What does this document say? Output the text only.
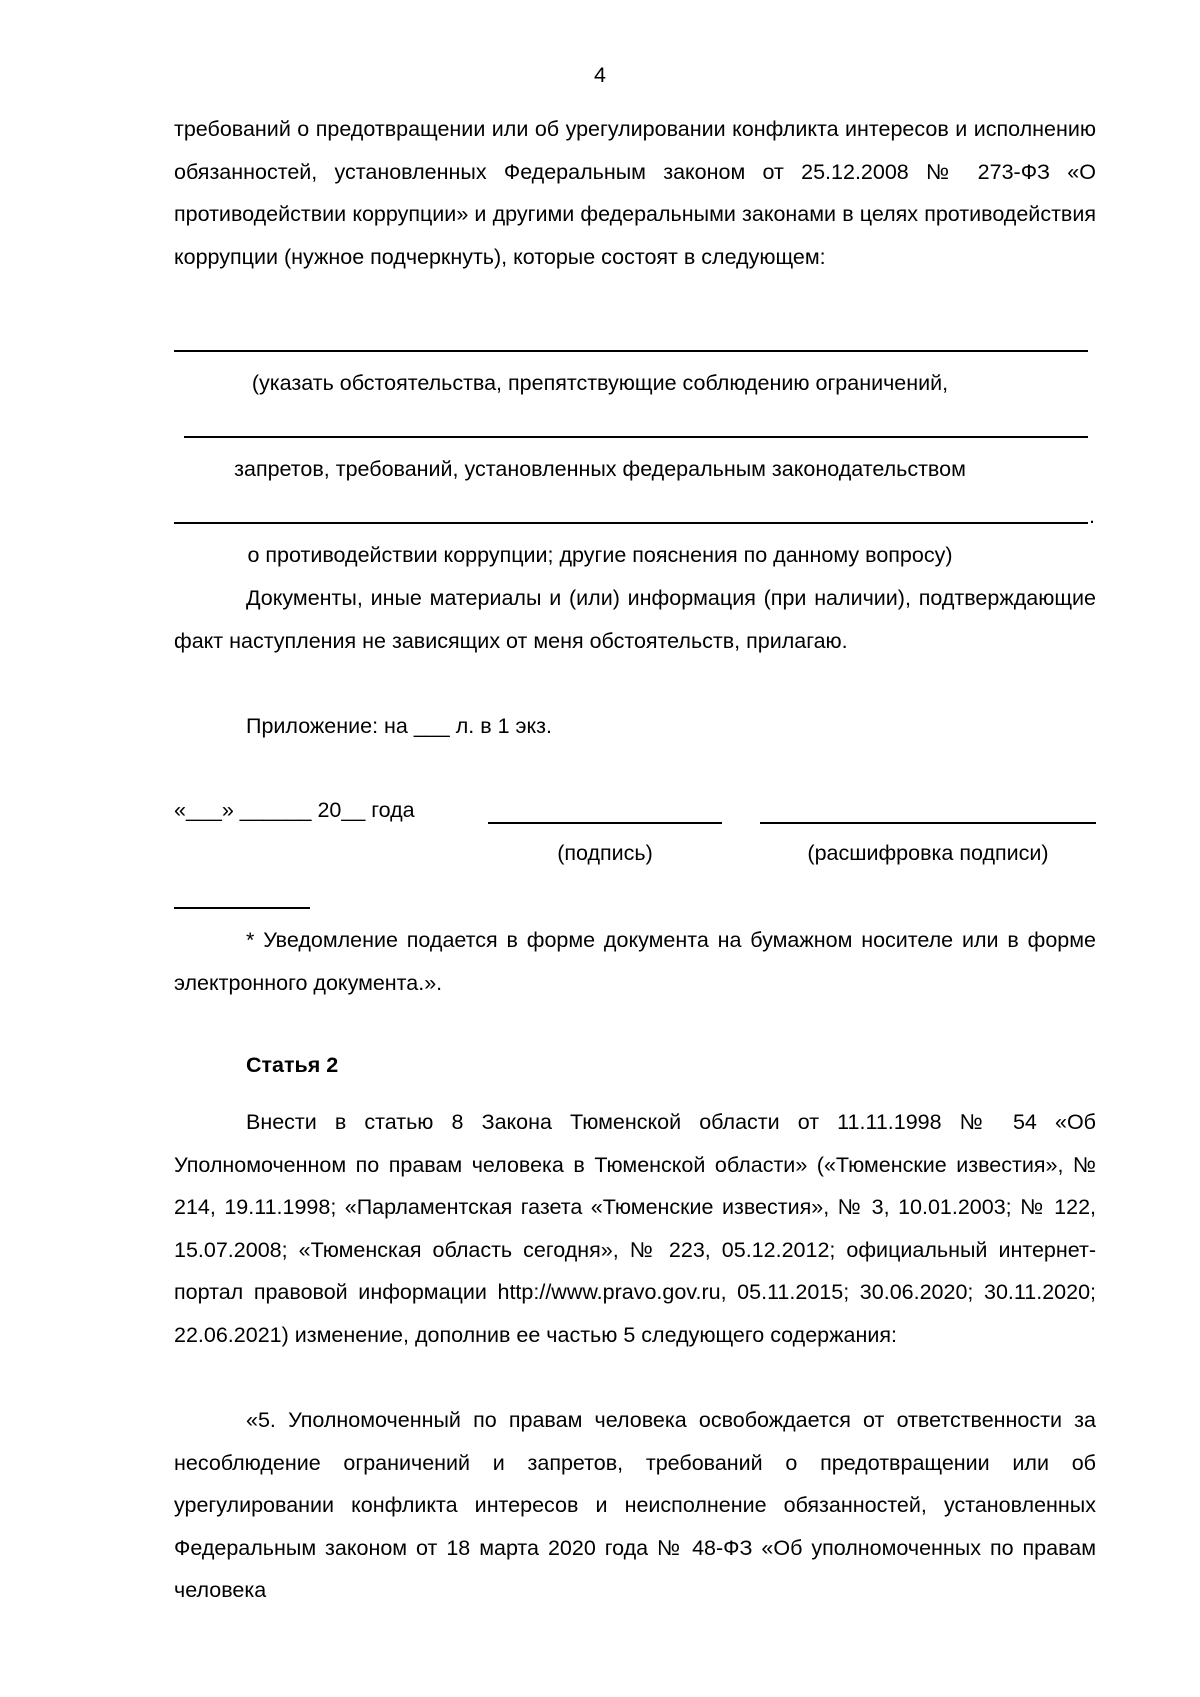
4
требований о предотвращении или об урегулировании конфликта интересов и исполнению обязанностей, установленных Федеральным законом от 25.12.2008 № 273-ФЗ «О противодействии коррупции» и другими федеральными законами в целях противодействия коррупции (нужное подчеркнуть), которые состоят в следующем:
(указать обстоятельства, препятствующие соблюдению ограничений,
запретов, требований, установленных федеральным законодательством
.
о противодействии коррупции; другие пояснения по данному вопросу)
Документы, иные материалы и (или) информация (при наличии), подтверждающие факт наступления не зависящих от меня обстоятельств, прилагаю.
Приложение: на ___ л. в 1 экз.
«___» ______ 20__ года
(подпись)	(расшифровка подписи)
* Уведомление подается в форме документа на бумажном носителе или в форме электронного документа.».
Статья 2
Внести в статью 8 Закона Тюменской области от 11.11.1998 № 54 «Об Уполномоченном по правам человека в Тюменской области» («Тюменские известия», № 214, 19.11.1998; «Парламентская газета «Тюменские известия», № 3, 10.01.2003; № 122, 15.07.2008; «Тюменская область сегодня», № 223, 05.12.2012; официальный интернет-портал правовой информации http://www.pravo.gov.ru, 05.11.2015; 30.06.2020; 30.11.2020; 22.06.2021) изменение, дополнив ее частью 5 следующего содержания:
«5. Уполномоченный по правам человека освобождается от ответственности за несоблюдение ограничений и запретов, требований о предотвращении или об урегулировании конфликта интересов и неисполнение обязанностей, установленных Федеральным законом от 18 марта 2020 года № 48-ФЗ «Об уполномоченных по правам человека
